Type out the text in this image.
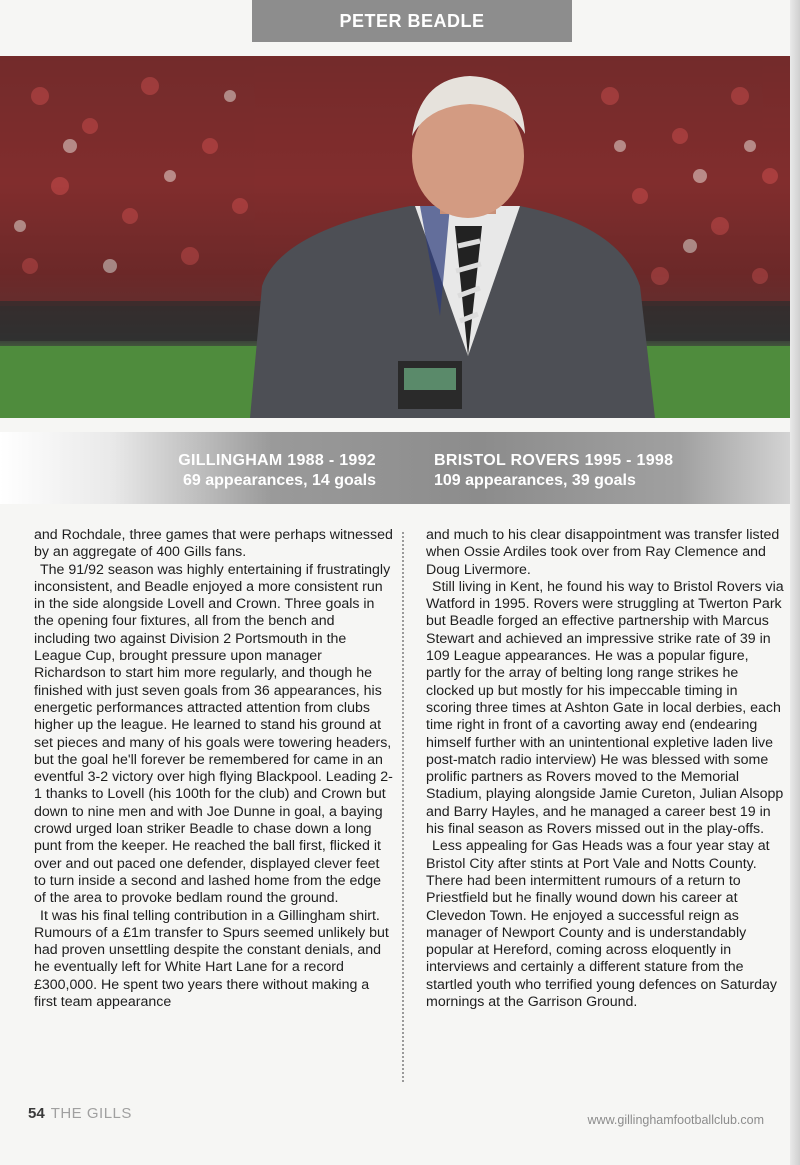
PETER BEADLE
GILLINGHAM 1988 - 1992
69 appearances, 14 goals
BRISTOL ROVERS 1995 - 1998
109 appearances, 39 goals

and Rochdale, three games that were perhaps witnessed by an aggregate of 400 Gills fans.

The 91/92 season was highly entertaining if frustratingly inconsistent, and Beadle enjoyed a more consistent run in the side alongside Lovell and Crown. Three goals in the opening four fixtures, all from the bench and including two against Division 2 Portsmouth in the League Cup, brought pressure upon manager Richardson to start him more regularly, and though he finished with just seven goals from 36 appearances, his energetic performances attracted attention from clubs higher up the league. He learned to stand his ground at set pieces and many of his goals were towering headers, but the goal he'll forever be remembered for came in an eventful 3-2 victory over high flying Blackpool. Leading 2-1 thanks to Lovell (his 100th for the club) and Crown but down to nine men and with Joe Dunne in goal, a baying crowd urged loan striker Beadle to chase down a long punt from the keeper. He reached the ball first, flicked it over and out paced one defender, displayed clever feet to turn inside a second and lashed home from the edge of the area to provoke bedlam round the ground.

It was his final telling contribution in a Gillingham shirt. Rumours of a £1m transfer to Spurs seemed unlikely but had proven unsettling despite the constant denials, and he eventually left for White Hart Lane for a record £300,000. He spent two years there without making a first team appearance

and much to his clear disappointment was transfer listed when Ossie Ardiles took over from Ray Clemence and Doug Livermore.

Still living in Kent, he found his way to Bristol Rovers via Watford in 1995. Rovers were struggling at Twerton Park but Beadle forged an effective partnership with Marcus Stewart and achieved an impressive strike rate of 39 in 109 League appearances. He was a popular figure, partly for the array of belting long range strikes he clocked up but mostly for his impeccable timing in scoring three times at Ashton Gate in local derbies, each time right in front of a cavorting away end (endearing himself further with an unintentional expletive laden live post-match radio interview) He was blessed with some prolific partners as Rovers moved to the Memorial Stadium, playing alongside Jamie Cureton, Julian Alsopp and Barry Hayles, and he managed a career best 19 in his final season as Rovers missed out in the play-offs.

Less appealing for Gas Heads was a four year stay at Bristol City after stints at Port Vale and Notts County. There had been intermittent rumours of a return to Priestfield but he finally wound down his career at Clevedon Town. He enjoyed a successful reign as manager of Newport County and is understandably popular at Hereford, coming across eloquently in interviews and certainly a different stature from the startled youth who terrified young defences on Saturday mornings at the Garrison Ground.

54 THE GILLS	www.gillinghamfootballclub.com
